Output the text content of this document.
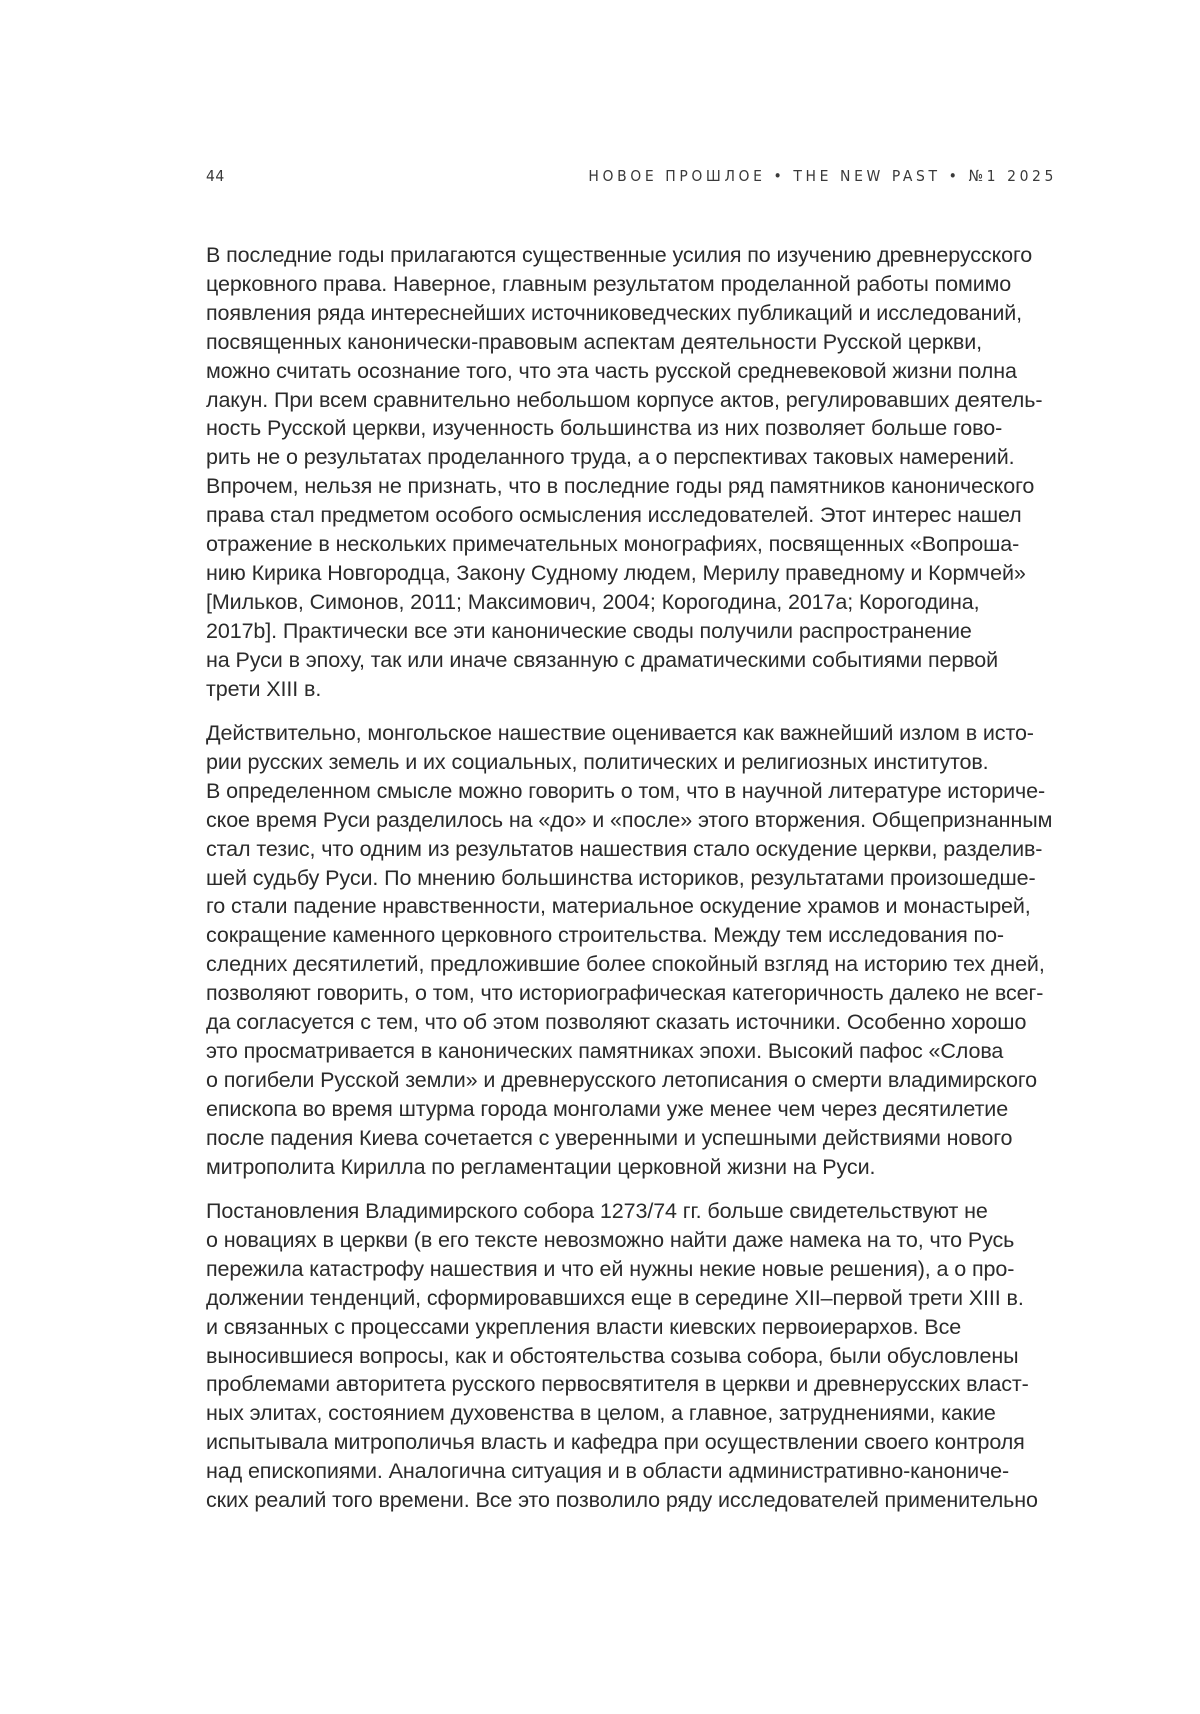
44	НОВОЕ ПРОШЛОЕ • THE NEW PAST • №1 2025

В последние годы прилагаются существенные усилия по изучению древнерусского
церковного права. Наверное, главным результатом проделанной работы помимо
появления ряда интереснейших источниковедческих публикаций и исследований,
посвященных канонически-правовым аспектам деятельности Русской церкви,
можно считать осознание того, что эта часть русской средневековой жизни полна
лакун. При всем сравнительно небольшом корпусе актов, регулировавших деятель-
ность Русской церкви, изученность большинства из них позволяет больше гово-
рить не о результатах проделанного труда, а о перспективах таковых намерений.
Впрочем, нельзя не признать, что в последние годы ряд памятников канонического
права стал предметом особого осмысления исследователей. Этот интерес нашел
отражение в нескольких примечательных монографиях, посвященных «Вопроша-
нию Кирика Новгородца, Закону Судному людем, Мерилу праведному и Кормчей»
[Мильков, Симонов, 2011; Максимович, 2004; Корогодина, 2017а; Корогодина,
2017b]. Практически все эти канонические своды получили распространение
на Руси в эпоху, так или иначе связанную с драматическими событиями первой
трети XIII в.

Действительно, монгольское нашествие оценивается как важнейший излом в исто-
рии русских земель и их социальных, политических и религиозных институтов.
В определенном смысле можно говорить о том, что в научной литературе историче-
ское время Руси разделилось на «до» и «после» этого вторжения. Общепризнанным
стал тезис, что одним из результатов нашествия стало оскудение церкви, разделив-
шей судьбу Руси. По мнению большинства историков, результатами произошедше-
го стали падение нравственности, материальное оскудение храмов и монастырей,
сокращение каменного церковного строительства. Между тем исследования по-
следних десятилетий, предложившие более спокойный взгляд на историю тех дней,
позволяют говорить, о том, что историографическая категоричность далеко не всег-
да согласуется с тем, что об этом позволяют сказать источники. Особенно хорошо
это просматривается в канонических памятниках эпохи. Высокий пафос «Слова
о погибели Русской земли» и древнерусского летописания о смерти владимирского
епископа во время штурма города монголами уже менее чем через десятилетие
после падения Киева сочетается с уверенными и успешными действиями нового
митрополита Кирилла по регламентации церковной жизни на Руси.

Постановления Владимирского собора 1273/74 гг. больше свидетельствуют не
о новациях в церкви (в его тексте невозможно найти даже намека на то, что Русь
пережила катастрофу нашествия и что ей нужны некие новые решения), а о про-
должении тенденций, сформировавшихся еще в середине XII–первой трети XIII в.
и связанных с процессами укрепления власти киевских первоиерархов. Все
выносившиеся вопросы, как и обстоятельства созыва собора, были обусловлены
проблемами авторитета русского первосвятителя в церкви и древнерусских власт-
ных элитах, состоянием духовенства в целом, а главное, затруднениями, какие
испытывала митрополичья власть и кафедра при осуществлении своего контроля
над епископиями. Аналогична ситуация и в области административно-канониче-
ских реалий того времени. Все это позволило ряду исследователей применительно
